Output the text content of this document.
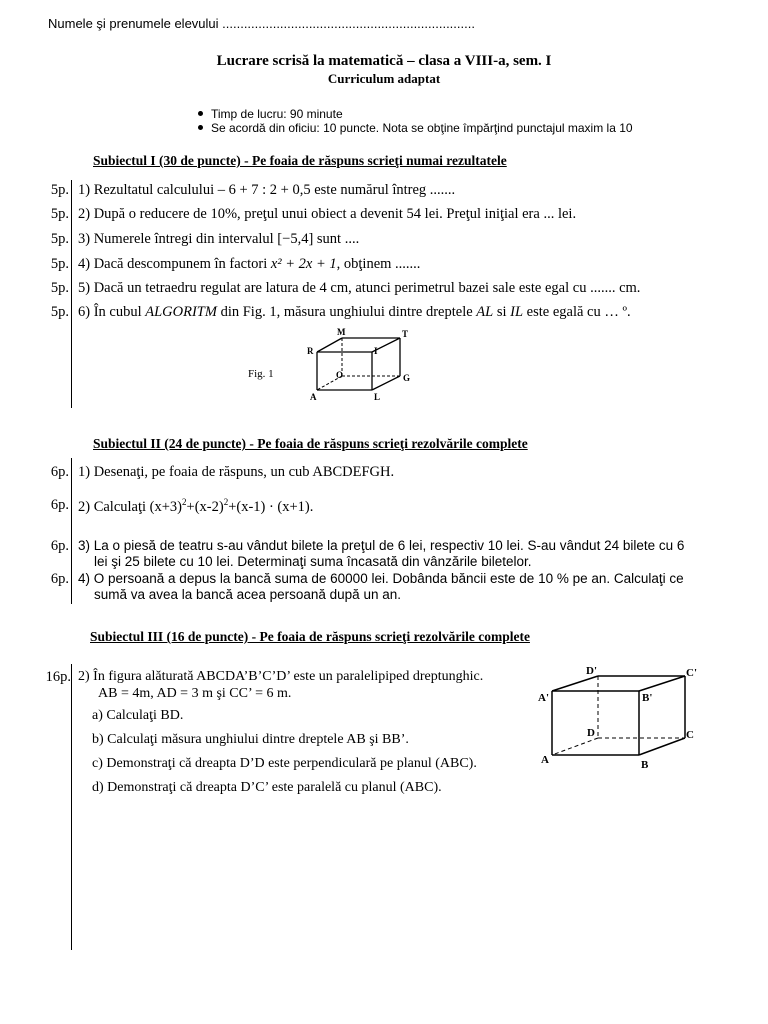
Numele şi prenumele elevului ......................................................................
Lucrare scrisă la matematică – clasa a VIII-a, sem. I
Curriculum adaptat
Timp de lucru: 90 minute
Se acordă din oficiu: 10 puncte. Nota se obţine împărţind punctajul maxim la 10
Subiectul I (30 de puncte) - Pe foaia de răspuns scrieţi numai rezultatele
5p. 1) Rezultatul calculului – 6 + 7 : 2 + 0,5 este numărul întreg .......
5p. 2) După o reducere de 10%, preţul unui obiect a devenit 54 lei. Preţul iniţial era ... lei.
5p. 3) Numerele întregi din intervalul [−5,4] sunt ....
5p. 4) Dacă descompunem în factori x² + 2x + 1, obţinem .......
5p. 5) Dacă un tetraedru regulat are latura de 4 cm, atunci perimetrul bazei sale este egal cu ....... cm.
5p. 6) În cubul ALGORITM din Fig. 1, măsura unghiului dintre dreptele AL si IL este egală cu … º.
Fig. 1
M	T
R	I
O	G
A	L
Subiectul II (24 de puncte) - Pe foaia de răspuns scrieţi rezolvările complete
6p. 1) Desenaţi, pe foaia de răspuns, un cub ABCDEFGH.
6p. 2) Calculaţi $(x+3)^2+(x-2)^2+(x-1) \cdot (x+1)$.
6p. 3) La o piesă de teatru s-au vândut bilete la preţul de 6 lei, respectiv 10 lei. S-au vândut 24 bilete cu 6
lei şi 25 bilete cu 10 lei. Determinaţi suma încasată din vânzările biletelor.
6p. 4) O persoană a depus la bancă suma de 60000 lei. Dobânda băncii este de 10 % pe an. Calculaţi ce
sumă va avea la bancă acea persoană după un an.
Subiectul III (16 de puncte) - Pe foaia de răspuns scrieţi rezolvările complete
16p. 2) În figura alăturată ABCDA’B’C’D’ este un paralelipiped dreptunghic.
AB = 4m, AD = 3 m şi CC’ = 6 m.
a) Calculaţi BD.
b) Calculaţi măsura unghiului dintre dreptele AB şi BB’.
c) Demonstraţi că dreapta D’D este perpendiculară pe planul (ABC).
d) Demonstraţi că dreapta D’C’ este paralelă cu planul (ABC).
D'	C'
A'	B'
D	C
A	B
